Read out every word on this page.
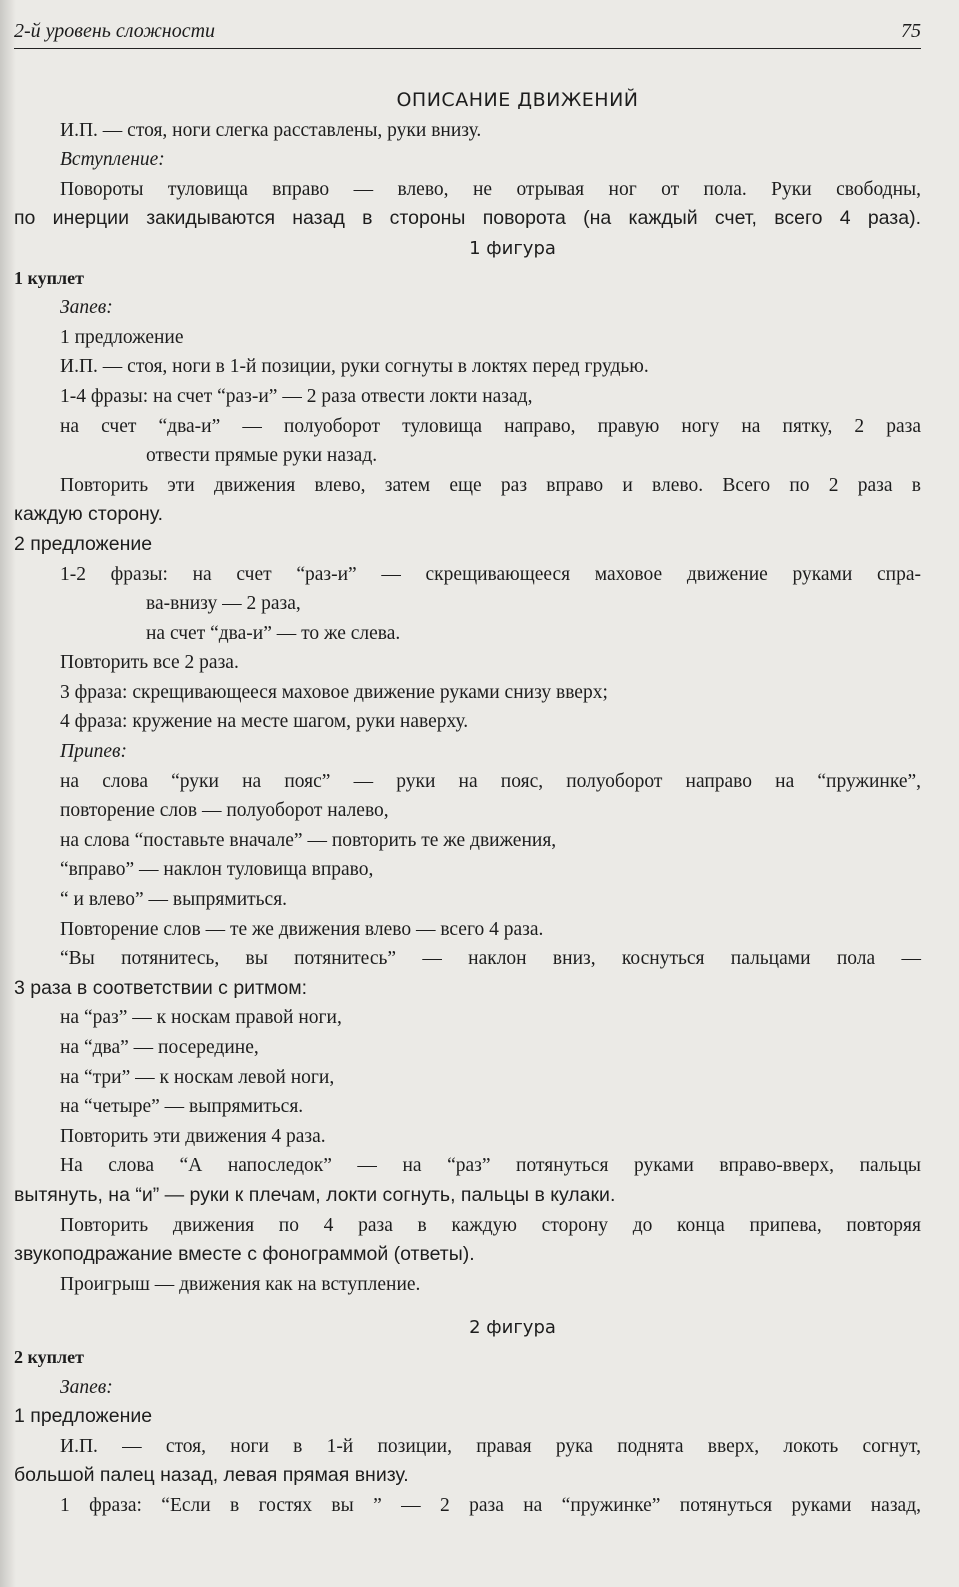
2-й уровень сложности	75
ОПИСАНИЕ ДВИЖЕНИЙ
И.П. — стоя, ноги слегка расставлены, руки внизу.
Вступление:
Повороты туловища вправо — влево, не отрывая ног от пола. Руки свободны,
по инерции закидываются назад в стороны поворота (на каждый счет, всего 4 раза).
1 фигура
1 куплет
Запев:
1 предложение
И.П. — стоя, ноги в 1-й позиции, руки согнуты в локтях перед грудью.
1-4 фразы: на счет “раз-и” — 2 раза отвести локти назад,
на счет “два-и” — полуоборот туловища направо, правую ногу на пятку, 2 раза
отвести прямые руки назад.
Повторить эти движения влево, затем еще раз вправо и влево. Всего по 2 раза в
каждую сторону.
2 предложение
1-2 фразы: на счет “раз-и” — скрещивающееся маховое движение руками спра-
ва-внизу — 2 раза,
на счет “два-и” — то же слева.
Повторить все 2 раза.
3 фраза: скрещивающееся маховое движение руками снизу вверх;
4 фраза: кружение на месте шагом, руки наверху.
Припев:
на слова “руки на пояс” — руки на пояс, полуоборот направо на “пружинке”,
повторение слов — полуоборот налево,
на слова “поставьте вначале” — повторить те же движения,
“вправо” — наклон туловища вправо,
“ и влево” — выпрямиться.
Повторение слов — те же движения влево — всего 4 раза.
“Вы потянитесь, вы потянитесь” — наклон вниз, коснуться пальцами пола —
3 раза в соответствии с ритмом:
на “раз” — к носкам правой ноги,
на “два” — посередине,
на “три” — к носкам левой ноги,
на “четыре” — выпрямиться.
Повторить эти движения 4 раза.
На слова “А напоследок” — на “раз” потянуться руками вправо-вверх, пальцы
вытянуть, на “и” — руки к плечам, локти согнуть, пальцы в кулаки.
Повторить движения по 4 раза в каждую сторону до конца припева, повторяя
звукоподражание вместе с фонограммой (ответы).
Проигрыш — движения как на вступление.
2 фигура
2 куплет
Запев:
1 предложение
И.П. — стоя, ноги в 1-й позиции, правая рука поднята вверх, локоть согнут,
большой палец назад, левая прямая внизу.
1 фраза: “Если в гостях вы ” — 2 раза на “пружинке” потянуться руками назад,
